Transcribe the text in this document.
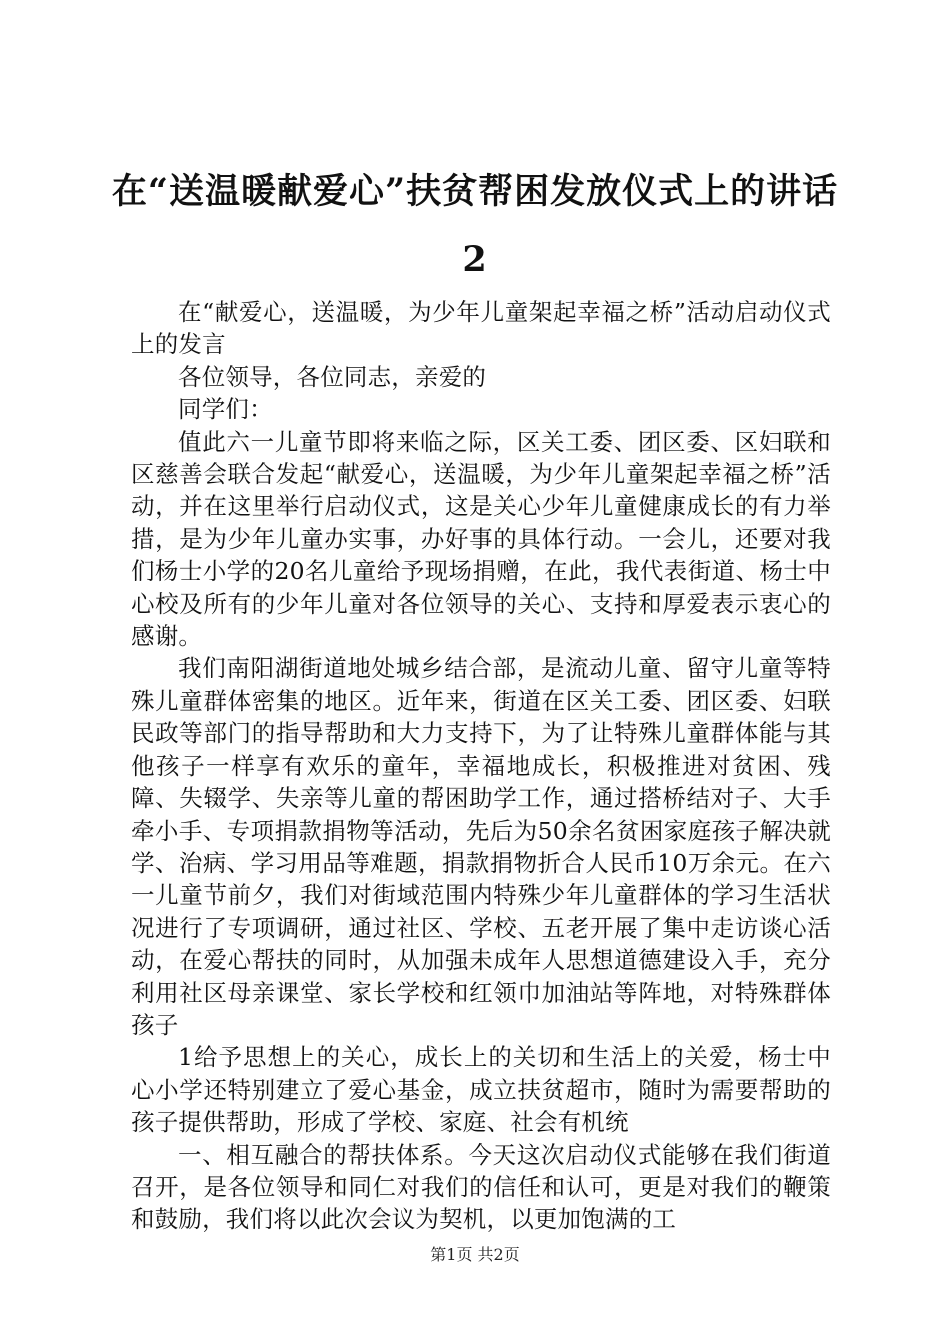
在“送温暖献爱心”扶贫帮困发放仪式上的讲话2

在“献爱心，送温暖，为少年儿童架起幸福之桥”活动启动仪式上的发言

各位领导，各位同志，亲爱的

同学们：

值此六一儿童节即将来临之际，区关工委、团区委、区妇联和区慈善会联合发起“献爱心，送温暖，为少年儿童架起幸福之桥”活动，并在这里举行启动仪式，这是关心少年儿童健康成长的有力举措，是为少年儿童办实事，办好事的具体行动。一会儿，还要对我们杨士小学的20名儿童给予现场捐赠，在此，我代表街道、杨士中心校及所有的少年儿童对各位领导的关心、支持和厚爱表示衷心的感谢。

我们南阳湖街道地处城乡结合部，是流动儿童、留守儿童等特殊儿童群体密集的地区。近年来，街道在区关工委、团区委、妇联民政等部门的指导帮助和大力支持下，为了让特殊儿童群体能与其他孩子一样享有欢乐的童年，幸福地成长，积极推进对贫困、残障、失辍学、失亲等儿童的帮困助学工作，通过搭桥结对子、大手牵小手、专项捐款捐物等活动，先后为50余名贫困家庭孩子解决就学、治病、学习用品等难题，捐款捐物折合人民币10万余元。在六一儿童节前夕，我们对街域范围内特殊少年儿童群体的学习生活状况进行了专项调研，通过社区、学校、五老开展了集中走访谈心活动，在爱心帮扶的同时，从加强未成年人思想道德建设入手，充分利用社区母亲课堂、家长学校和红领巾加油站等阵地，对特殊群体孩子

1给予思想上的关心，成长上的关切和生活上的关爱，杨士中心小学还特别建立了爱心基金，成立扶贫超市，随时为需要帮助的孩子提供帮助，形成了学校、家庭、社会有机统

一、相互融合的帮扶体系。今天这次启动仪式能够在我们街道召开，是各位领导和同仁对我们的信任和认可，更是对我们的鞭策和鼓励，我们将以此次会议为契机，以更加饱满的工

第1页 共2页
